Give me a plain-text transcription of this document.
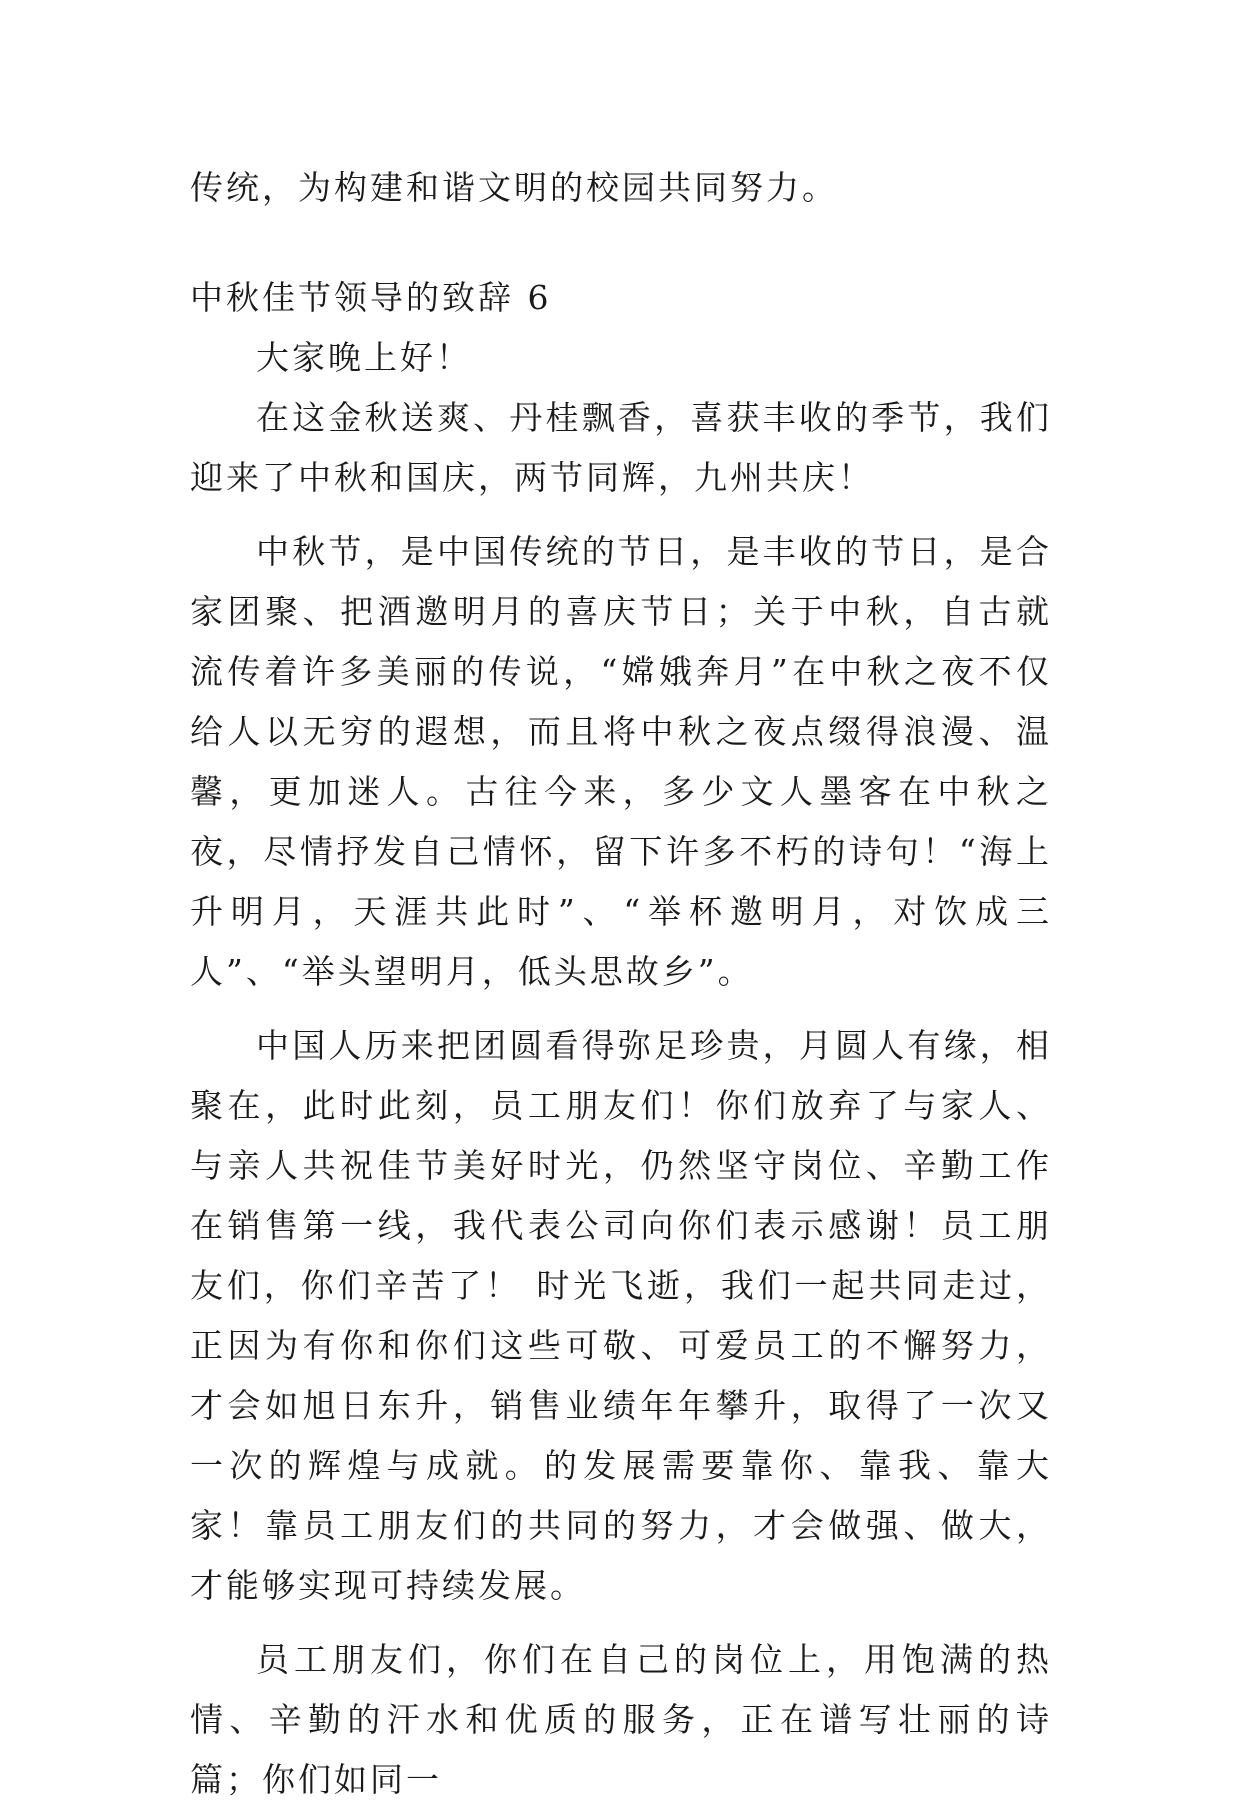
传统，为构建和谐文明的校园共同努力。

中秋佳节领导的致辞 6

大家晚上好！

在这金秋送爽、丹桂飘香，喜获丰收的季节，我们迎来了中秋和国庆，两节同辉，九州共庆！

中秋节，是中国传统的节日，是丰收的节日，是合家团聚、把酒邀明月的喜庆节日；关于中秋，自古就流传着许多美丽的传说，“嫦娥奔月”在中秋之夜不仅给人以无穷的遐想，而且将中秋之夜点缀得浪漫、温馨，更加迷人。古往今来，多少文人墨客在中秋之夜，尽情抒发自己情怀，留下许多不朽的诗句！“海上升明月，天涯共此时”、“举杯邀明月，对饮成三人”、“举头望明月，低头思故乡”。

中国人历来把团圆看得弥足珍贵，月圆人有缘，相聚在，此时此刻，员工朋友们！你们放弃了与家人、与亲人共祝佳节美好时光，仍然坚守岗位、辛勤工作在销售第一线，我代表公司向你们表示感谢！员工朋友们，你们辛苦了！ 时光飞逝，我们一起共同走过，正因为有你和你们这些可敬、可爱员工的不懈努力，才会如旭日东升，销售业绩年年攀升，取得了一次又一次的辉煌与成就。的发展需要靠你、靠我、靠大家！靠员工朋友们的共同的努力，才会做强、做大，才能够实现可持续发展。

员工朋友们，你们在自己的岗位上，用饱满的热情、辛勤的汗水和优质的服务，正在谱写壮丽的诗篇；你们如同一
